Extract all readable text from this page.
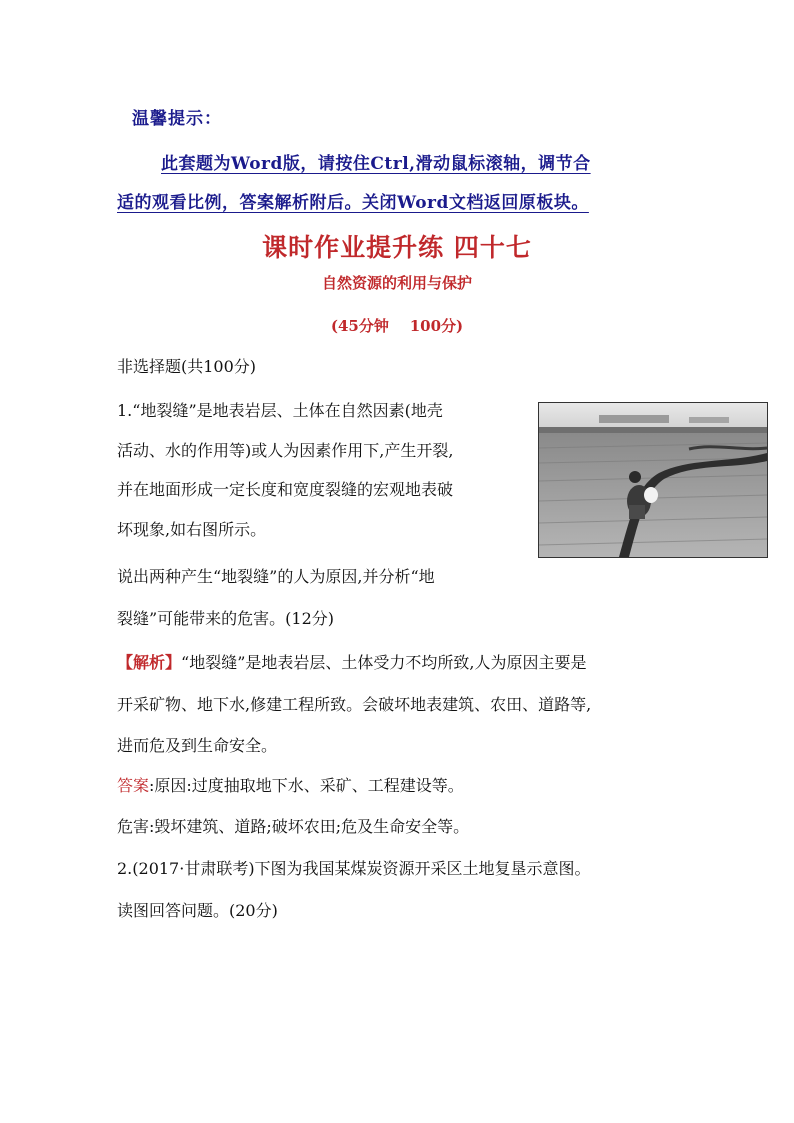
温馨提示：
此套题为Word版，请按住Ctrl,滑动鼠标滚轴，调节合
适的观看比例，答案解析附后。关闭Word文档返回原板块。
课时作业提升练 四十七
自然资源的利用与保护
(45分钟    100分)
非选择题(共100分)
1.“地裂缝”是地表岩层、土体在自然因素(地壳
活动、水的作用等)或人为因素作用下,产生开裂,
并在地面形成一定长度和宽度裂缝的宏观地表破
坏现象,如右图所示。
说出两种产生“地裂缝”的人为原因,并分析“地
裂缝”可能带来的危害。(12分)
【解析】“地裂缝”是地表岩层、土体受力不均所致,人为原因主要是
开采矿物、地下水,修建工程所致。会破坏地表建筑、农田、道路等,
进而危及到生命安全。
答案:原因:过度抽取地下水、采矿、工程建设等。
危害:毁坏建筑、道路;破坏农田;危及生命安全等。
2.(2017·甘肃联考)下图为我国某煤炭资源开采区土地复垦示意图。
读图回答问题。(20分)
